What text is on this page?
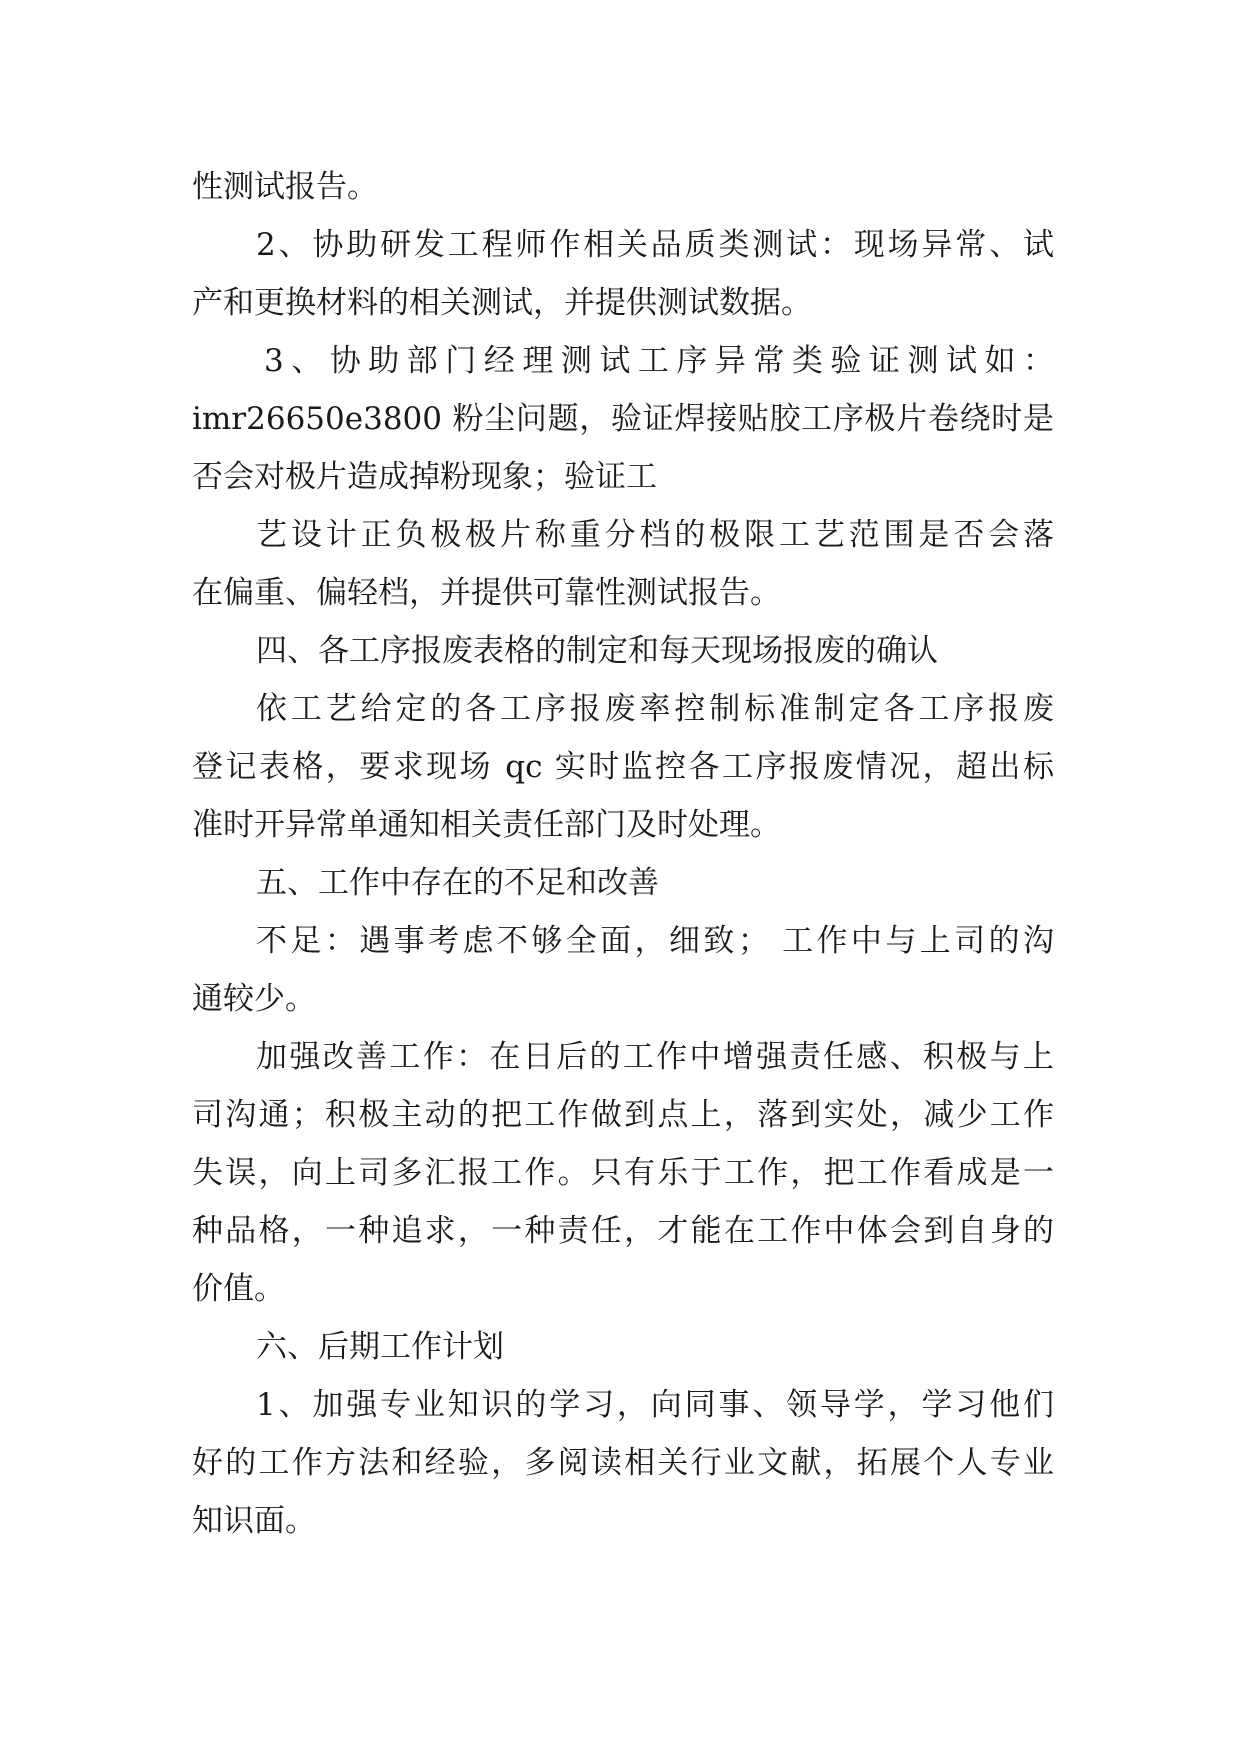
性测试报告。
2、协助研发工程师作相关品质类测试：现场异常、试
产和更换材料的相关测试，并提供测试数据。
3、协助部门经理测试工序异常类验证测试如：
imr26650e3800 粉尘问题，验证焊接贴胶工序极片卷绕时是
否会对极片造成掉粉现象；验证工
艺设计正负极极片称重分档的极限工艺范围是否会落
在偏重、偏轻档，并提供可靠性测试报告。
四、各工序报废表格的制定和每天现场报废的确认
依工艺给定的各工序报废率控制标准制定各工序报废
登记表格，要求现场 qc 实时监控各工序报废情况，超出标
准时开异常单通知相关责任部门及时处理。
五、工作中存在的不足和改善
不足：遇事考虑不够全面，细致； 工作中与上司的沟
通较少。
加强改善工作：在日后的工作中增强责任感、积极与上
司沟通；积极主动的把工作做到点上，落到实处，减少工作
失误，向上司多汇报工作。只有乐于工作，把工作看成是一
种品格，一种追求，一种责任，才能在工作中体会到自身的
价值。
六、后期工作计划
1、加强专业知识的学习，向同事、领导学，学习他们
好的工作方法和经验，多阅读相关行业文献，拓展个人专业
知识面。
